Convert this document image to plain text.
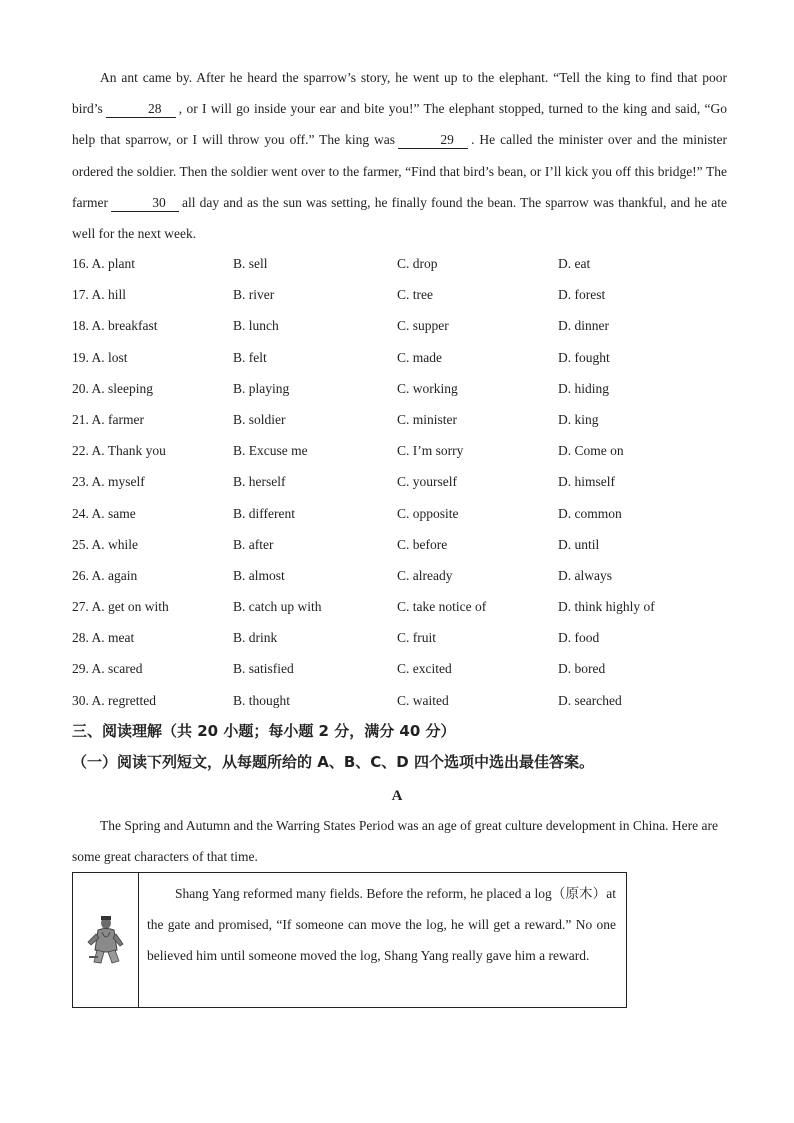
An ant came by. After he heard the sparrow’s story, he went up to the elephant. “Tell the king to find that poor bird’s	28 , or I will go inside your ear and bite you!” The elephant stopped, turned to the king and said, “Go help that sparrow, or I will throw you off.” The king was	29 . He called the minister over and the minister ordered the soldier. Then the soldier went over to the farmer, “Find that bird’s bean, or I’ll kick you off this bridge!” The farmer	30 all day and as the sun was setting, he finally found the bean. The sparrow was thankful, and he ate well for the next week.

16. A. plant	B. sell	C. drop	D. eat
17. A. hill	B. river	C. tree	D. forest
18. A. breakfast	B. lunch	C. supper	D. dinner
19. A. lost	B. felt	C. made	D. fought
20. A. sleeping	B. playing	C. working	D. hiding
21. A. farmer	B. soldier	C. minister	D. king
22. A. Thank you	B. Excuse me	C. I’m sorry	D. Come on
23. A. myself	B. herself	C. yourself	D. himself
24. A. same	B. different	C. opposite	D. common
25. A. while	B. after	C. before	D. until
26. A. again	B. almost	C. already	D. always
27. A. get on with	B. catch up with	C. take notice of	D. think highly of
28. A. meat	B. drink	C. fruit	D. food
29. A. scared	B. satisfied	C. excited	D. bored
30. A. regretted	B. thought	C. waited	D. searched
三、阅读理解（共 20 小题；每小题 2 分，满分 40 分）
（一）阅读下列短文，从每题所给的 A、B、C、D 四个选项中选出最佳答案。
A

The Spring and Autumn and the Warring States Period was an age of great culture development in China. Here are some great characters of that time.

Shang Yang reformed many fields. Before the reform, he placed a log（原木）at the gate and promised, “If someone can move the log, he will get a reward.” No one believed him until someone moved the log, Shang Yang really gave him a reward.
